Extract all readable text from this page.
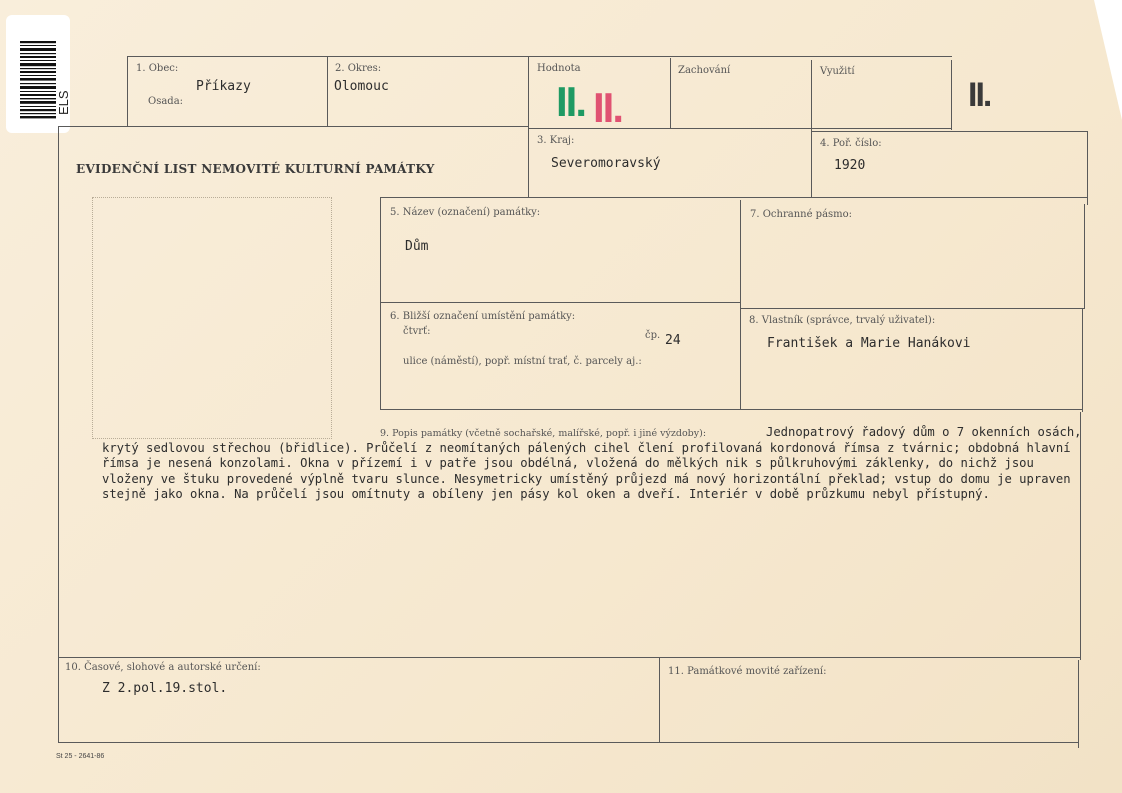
ELS
1. Obec:
Příkazy
Osada:
2. Okres:
Olomouc
Hodnota
II. II.
Zachování	Využití
II.
EVIDENČNÍ LIST NEMOVITÉ KULTURNÍ PAMÁTKY
3. Kraj:
Severomoravský
4. Poř. číslo:
1920
5. Název (označení) památky:
Dům
7. Ochranné pásmo:
6. Bližší označení umístění památky:
čtvrť:	čp. 24
ulice (náměstí), popř. místní trať, č. parcely aj.:
8. Vlastník (správce, trvalý uživatel):
František a Marie Hanákovi
9. Popis památky (včetně sochařské, malířské, popř. i jiné výzdoby):	Jednopatrový řadový dům o 7 okenních osách,
krytý sedlovou střechou (břidlice). Průčelí z neomítaných pálených cihel člení profilovaná kordonová římsa z tvárnic; obdobná hlavní římsa je nesená konzolami. Okna v přízemí i v patře jsou obdélná, vložená do mělkých nik s půlkruhovými záklenky, do nichž jsou vloženy ve štuku provedené výplně tvaru slunce. Nesymetricky umístěný průjezd má nový horizontální překlad; vstup do domu je upraven stejně jako okna. Na průčelí jsou omítnuty a obíleny jen pásy kol oken a dveří. Interiér v době průzkumu nebyl přístupný.
10. Časové, slohové a autorské určení:
Z 2.pol.19.stol.
11. Památkové movité zařízení:
St 25 - 2641-86
